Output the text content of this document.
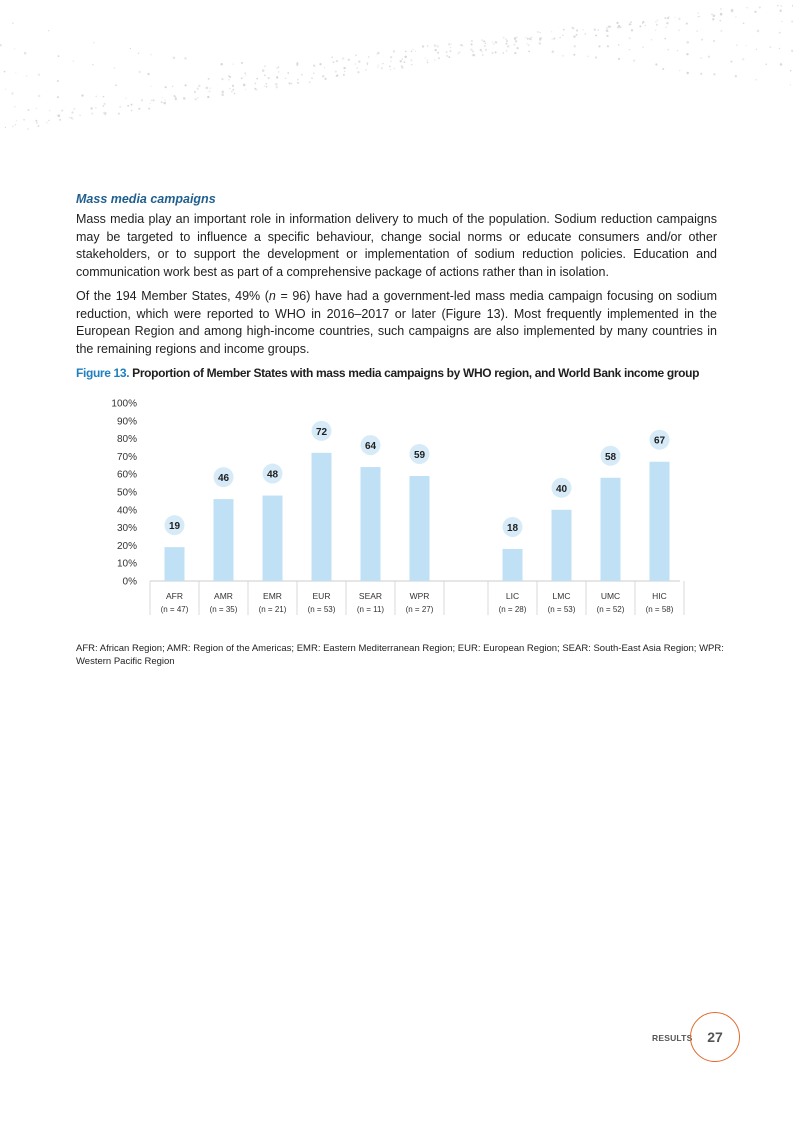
Mass media campaigns

Mass media play an important role in information delivery to much of the population. Sodium reduction campaigns may be targeted to influence a specific behaviour, change social norms or educate consumers and/or other stakeholders, or to support the development or implementation of sodium reduction policies. Education and communication work best as part of a comprehensive package of actions rather than in isolation.

Of the 194 Member States, 49% (n = 96) have had a government-led mass media campaign focusing on sodium reduction, which were reported to WHO in 2016–2017 or later (Figure 13). Most frequently implemented in the European Region and among high-income countries, such campaigns are also implemented by many countries in the remaining regions and income groups.

Figure 13. Proportion of Member States with mass media campaigns by WHO region, and World Bank income group
0%
10%
20%
30%
40%
50%
60%
70%
80%
90%
100%
19
AFR
(n = 47)
46
AMR
(n = 35)
48
EMR
(n = 21)
72
EUR
(n = 53)
64
SEAR
(n = 11)
59
WPR
(n = 27)
18
LIC
(n = 28)
40
LMC
(n = 53)
58
UMC
(n = 52)
67
HIC
(n = 58)

AFR: African Region; AMR: Region of the Americas; EMR: Eastern Mediterranean Region; EUR: European Region; SEAR: South-East Asia Region; WPR: Western Pacific Region

RESULTS 27
